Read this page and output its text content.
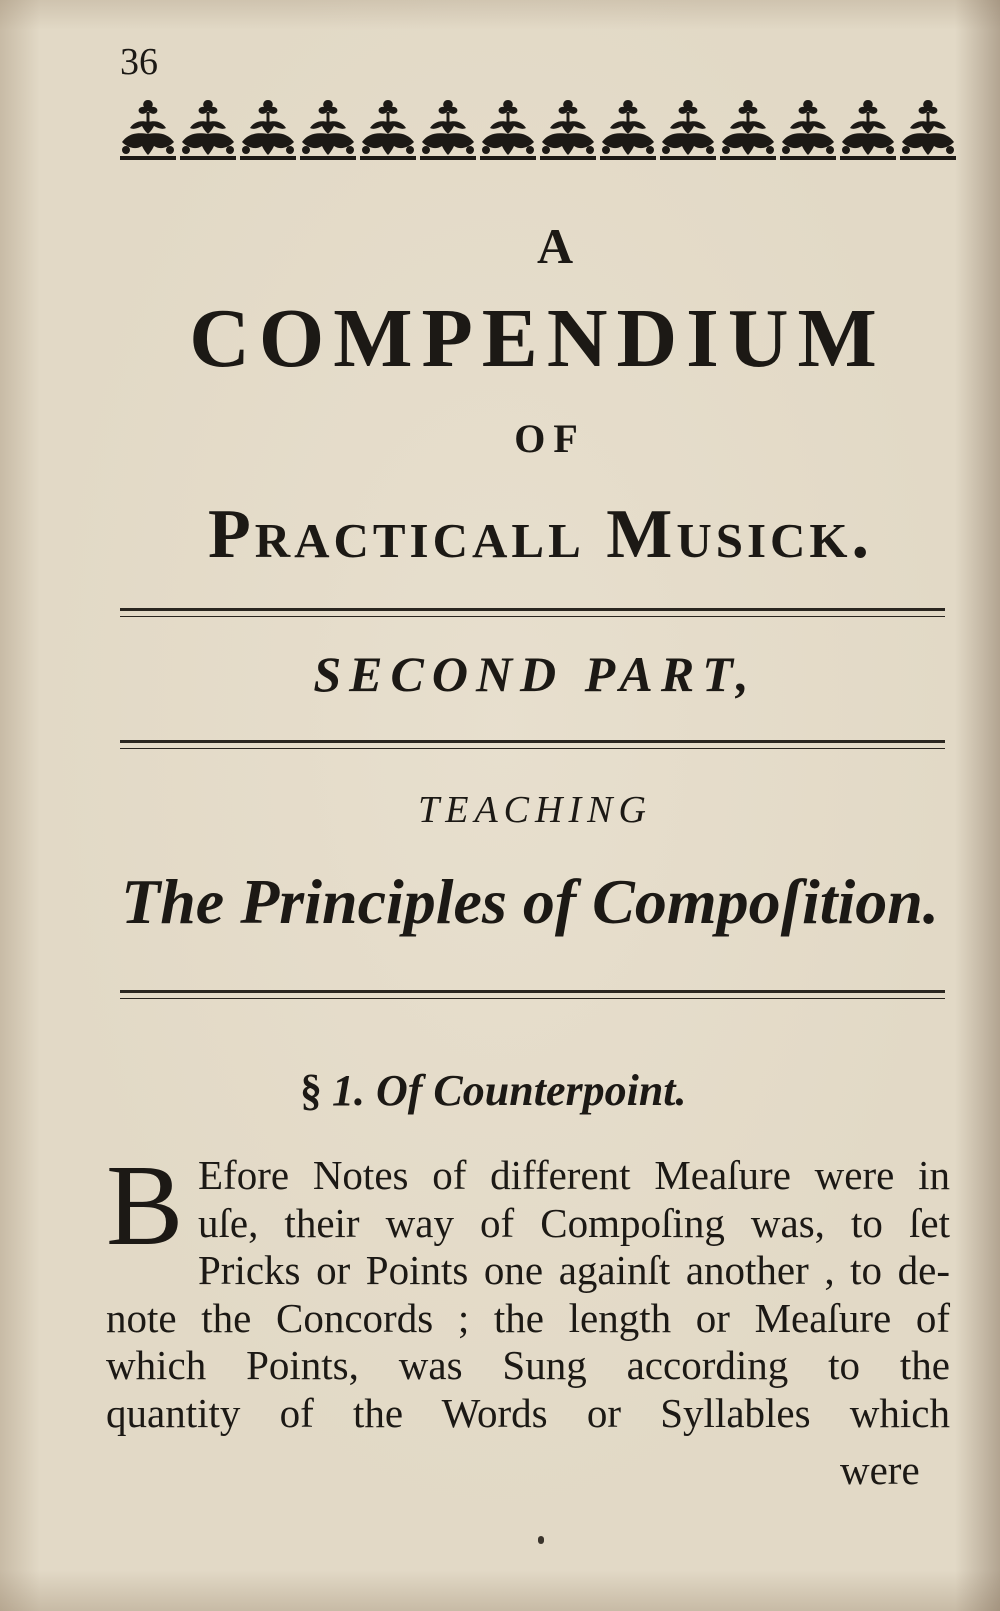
36
A
COMPENDIUM
OF
Practicall Musick.
SECOND PART,
TEACHING
The Principles of Compoſition.
§ 1. Of Counterpoint.
B Efore Notes of different Meaſure were in
uſe, their way of Compoſing was, to ſet
Pricks or Points one againſt another , to de-
note the Concords ; the length or Meaſure of
which Points, was Sung according to the
quantity of the Words or Syllables which
were
